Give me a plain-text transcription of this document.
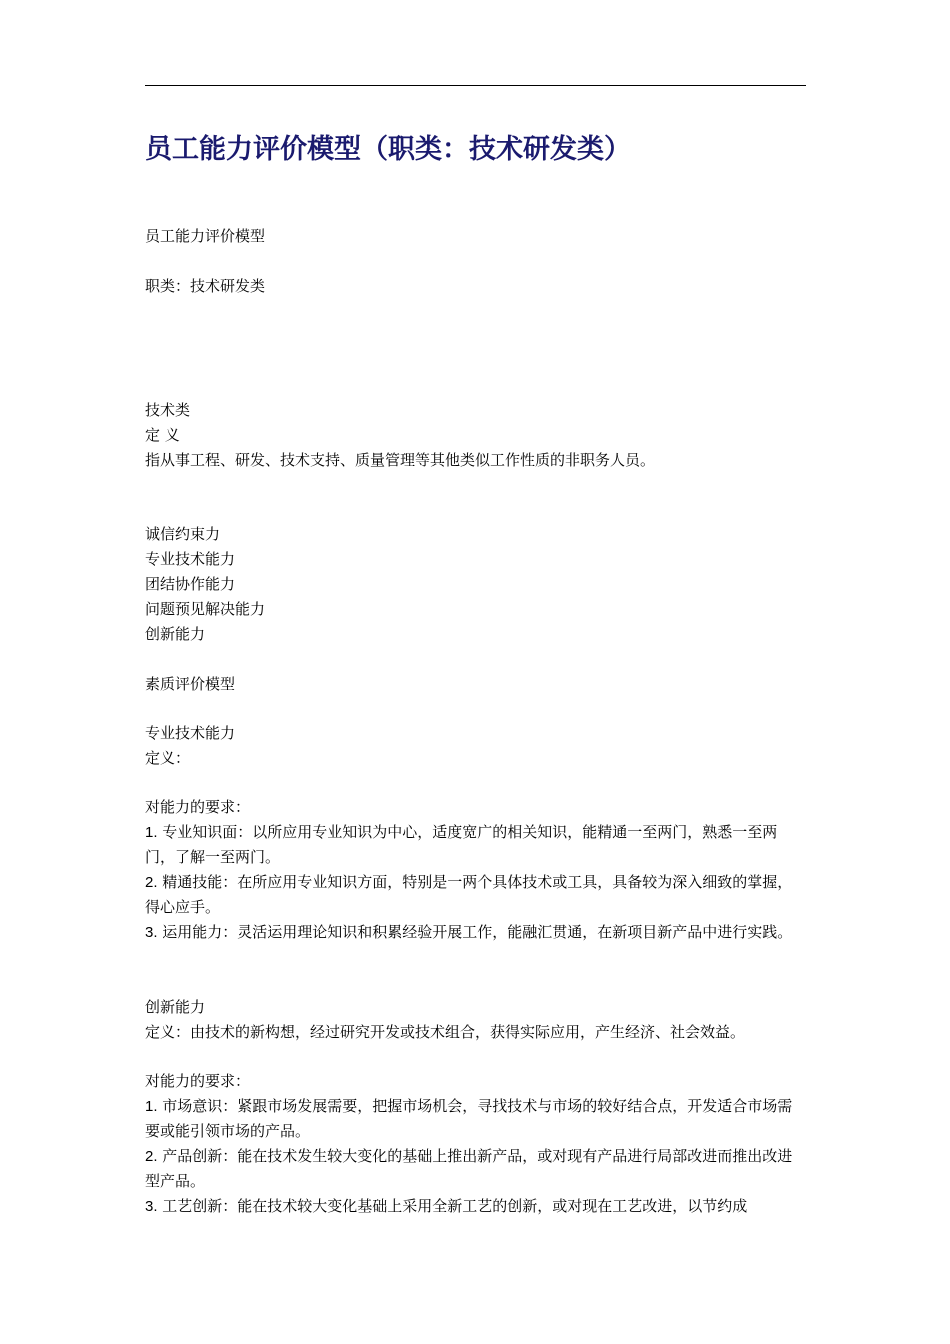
员工能力评价模型（职类：技术研发类）
员工能力评价模型
职类：技术研发类
技术类
定 义
指从事工程、研发、技术支持、质量管理等其他类似工作性质的非职务人员。
诚信约束力
专业技术能力
团结协作能力
问题预见解决能力
创新能力
素质评价模型
专业技术能力
定义：
对能力的要求：
1. 专业知识面：以所应用专业知识为中心，适度宽广的相关知识，能精通一至两门，熟悉一至两门，了解一至两门。
2. 精通技能：在所应用专业知识方面，特别是一两个具体技术或工具，具备较为深入细致的掌握，得心应手。
3. 运用能力：灵活运用理论知识和积累经验开展工作，能融汇贯通，在新项目新产品中进行实践。
创新能力
定义：由技术的新构想，经过研究开发或技术组合，获得实际应用，产生经济、社会效益。
对能力的要求：
1. 市场意识：紧跟市场发展需要，把握市场机会，寻找技术与市场的较好结合点，开发适合市场需要或能引领市场的产品。
2. 产品创新：能在技术发生较大变化的基础上推出新产品，或对现有产品进行局部改进而推出改进型产品。
3. 工艺创新：能在技术较大变化基础上采用全新工艺的创新，或对现在工艺改进，以节约成
